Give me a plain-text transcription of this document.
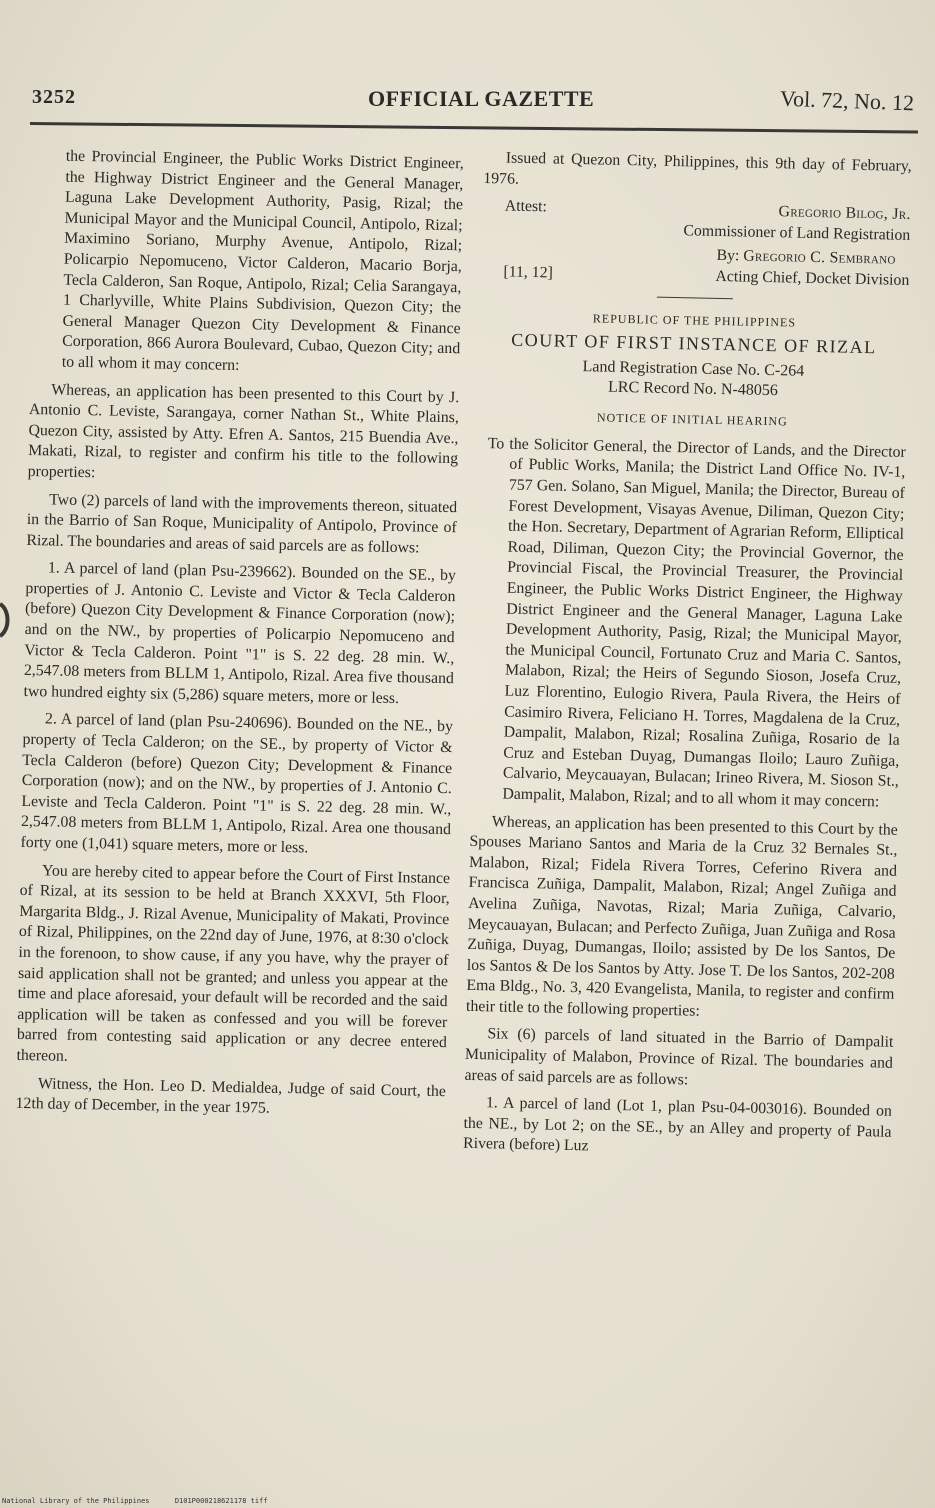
3252	OFFICIAL GAZETTE	Vol. 72, No. 12

the Provincial Engineer, the Public Works District Engineer, the Highway District Engineer and the General Manager, Laguna Lake Development Authority, Pasig, Rizal; the Municipal Mayor and the Municipal Council, Antipolo, Rizal; Maximino Soriano, Murphy Avenue, Antipolo, Rizal; Policarpio Nepomuceno, Victor Calderon, Macario Borja, Tecla Calderon, San Roque, Antipolo, Rizal; Celia Sarangaya, 1 Charlyville, White Plains Subdivision, Quezon City; the General Manager Quezon City Development & Finance Corporation, 866 Aurora Boulevard, Cubao, Quezon City; and to all whom it may concern:

Whereas, an application has been presented to this Court by J. Antonio C. Leviste, Sarangaya, corner Nathan St., White Plains, Quezon City, assisted by Atty. Efren A. Santos, 215 Buendia Ave., Makati, Rizal, to register and confirm his title to the following properties:

Two (2) parcels of land with the improvements thereon, situated in the Barrio of San Roque, Municipality of Antipolo, Province of Rizal. The boundaries and areas of said parcels are as follows:

1. A parcel of land (plan Psu-239662). Bounded on the SE., by properties of J. Antonio C. Leviste and Victor & Tecla Calderon (before) Quezon City Development & Finance Corporation (now); and on the NW., by properties of Policarpio Nepomuceno and Victor & Tecla Calderon. Point "1" is S. 22 deg. 28 min. W., 2,547.08 meters from BLLM 1, Antipolo, Rizal. Area five thousand two hundred eighty six (5,286) square meters, more or less.

2. A parcel of land (plan Psu-240696). Bounded on the NE., by property of Tecla Calderon; on the SE., by property of Victor & Tecla Calderon (before) Quezon City; Development & Finance Corporation (now); and on the NW., by properties of J. Antonio C. Leviste and Tecla Calderon. Point "1" is S. 22 deg. 28 min. W., 2,547.08 meters from BLLM 1, Antipolo, Rizal. Area one thousand forty one (1,041) square meters, more or less.

You are hereby cited to appear before the Court of First Instance of Rizal, at its session to be held at Branch XXXVI, 5th Floor, Margarita Bldg., J. Rizal Avenue, Municipality of Makati, Province of Rizal, Philippines, on the 22nd day of June, 1976, at 8:30 o'clock in the forenoon, to show cause, if any you have, why the prayer of said application shall not be granted; and unless you appear at the time and place aforesaid, your default will be recorded and the said application will be taken as confessed and you will be forever barred from contesting said application or any decree entered thereon.

Witness, the Hon. Leo D. Medialdea, Judge of said Court, the 12th day of December, in the year 1975.

Issued at Quezon City, Philippines, this 9th day of February, 1976.

Attest:	Gregorio Bilog, Jr.
Commissioner of Land Registration
By: Gregorio C. Sembrano
[11, 12]	Acting Chief, Docket Division
REPUBLIC OF THE PHILIPPINES
COURT OF FIRST INSTANCE OF RIZAL
Land Registration Case No. C-264
LRC Record No. N-48056
NOTICE OF INITIAL HEARING

To the Solicitor General, the Director of Lands, and the Director of Public Works, Manila; the District Land Office No. IV-1, 757 Gen. Solano, San Miguel, Manila; the Director, Bureau of Forest Development, Visayas Avenue, Diliman, Quezon City; the Hon. Secretary, Department of Agrarian Reform, Elliptical Road, Diliman, Quezon City; the Provincial Governor, the Provincial Fiscal, the Provincial Treasurer, the Provincial Engineer, the Public Works District Engineer, the Highway District Engineer and the General Manager, Laguna Lake Development Authority, Pasig, Rizal; the Municipal Mayor, the Municipal Council, Fortunato Cruz and Maria C. Santos, Malabon, Rizal; the Heirs of Segundo Sioson, Josefa Cruz, Luz Florentino, Eulogio Rivera, Paula Rivera, the Heirs of Casimiro Rivera, Feliciano H. Torres, Magdalena de la Cruz, Dampalit, Malabon, Rizal; Rosalina Zuñiga, Rosario de la Cruz and Esteban Duyag, Dumangas Iloilo; Lauro Zuñiga, Calvario, Meycauayan, Bulacan; Irineo Rivera, M. Sioson St., Dampalit, Malabon, Rizal; and to all whom it may concern:

Whereas, an application has been presented to this Court by the Spouses Mariano Santos and Maria de la Cruz 32 Bernales St., Malabon, Rizal; Fidela Rivera Torres, Ceferino Rivera and Francisca Zuñiga, Dampalit, Malabon, Rizal; Angel Zuñiga and Avelina Zuñiga, Navotas, Rizal; Maria Zuñiga, Calvario, Meycauayan, Bulacan; and Perfecto Zuñiga, Juan Zuñiga and Rosa Zuñiga, Duyag, Dumangas, Iloilo; assisted by De los Santos, De los Santos & De los Santos by Atty. Jose T. De los Santos, 202-208 Ema Bldg., No. 3, 420 Evangelista, Manila, to register and confirm their title to the following properties:

Six (6) parcels of land situated in the Barrio of Dampalit Municipality of Malabon, Province of Rizal. The boundaries and areas of said parcels are as follows:

1. A parcel of land (Lot 1, plan Psu-04-003016). Bounded on the NE., by Lot 2; on the SE., by an Alley and property of Paula Rivera (before) Luz

National Library of the Philippines	D101P000218621178 tiff
